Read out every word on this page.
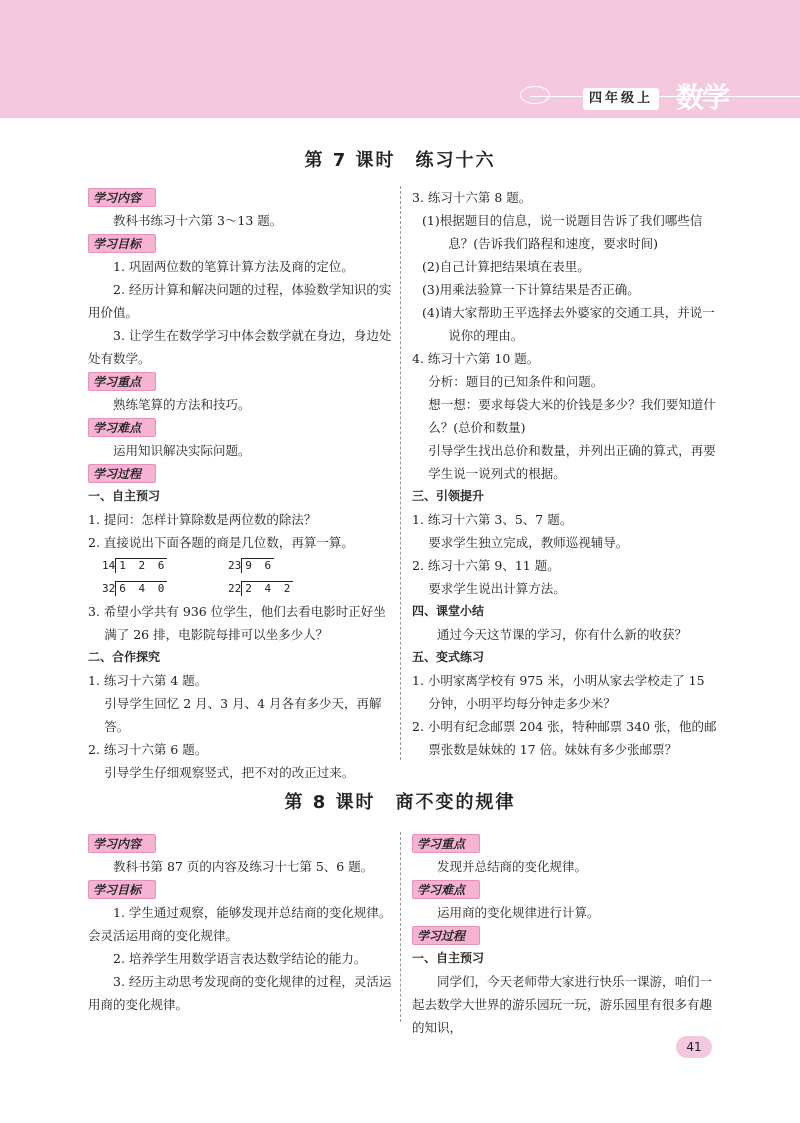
四年级上 数学
第 7 课时　练习十六
学习内容
教科书练习十六第 3～13 题。
学习目标
1. 巩固两位数的笔算计算方法及商的定位。
2. 经历计算和解决问题的过程，体验数学知识的实用价值。
3. 让学生在数学学习中体会数学就在身边，身边处处有数学。
学习重点
熟练笔算的方法和技巧。
学习难点
运用知识解决实际问题。
学习过程
一、自主预习
1. 提问：怎样计算除数是两位数的除法？
2. 直接说出下面各题的商是几位数，再算一算。
14 1 2 6	23 9 6
32 6 4 0	22 2 4 2
3. 希望小学共有 936 位学生，他们去看电影时正好坐满了 26 排，电影院每排可以坐多少人？
二、合作探究
1. 练习十六第 4 题。
引导学生回忆 2 月、3 月、4 月各有多少天，再解答。
2. 练习十六第 6 题。
引导学生仔细观察竖式，把不对的改正过来。
3. 练习十六第 8 题。
(1)根据题目的信息，说一说题目告诉了我们哪些信息？(告诉我们路程和速度，要求时间)
(2)自己计算把结果填在表里。
(3)用乘法验算一下计算结果是否正确。
(4)请大家帮助王平选择去外婆家的交通工具，并说一说你的理由。
4. 练习十六第 10 题。
分析：题目的已知条件和问题。
想一想：要求每袋大米的价钱是多少？我们要知道什么？(总价和数量)
引导学生找出总价和数量，并列出正确的算式，再要学生说一说列式的根据。
三、引领提升
1. 练习十六第 3、5、7 题。
要求学生独立完成，教师巡视辅导。
2. 练习十六第 9、11 题。
要求学生说出计算方法。
四、课堂小结
通过今天这节课的学习，你有什么新的收获？
五、变式练习
1. 小明家离学校有 975 米，小明从家去学校走了 15 分钟，小明平均每分钟走多少米？
2. 小明有纪念邮票 204 张，特种邮票 340 张，他的邮票张数是妹妹的 17 倍。妹妹有多少张邮票？
第 8 课时　商不变的规律
学习内容
教科书第 87 页的内容及练习十七第 5、6 题。
学习目标
1. 学生通过观察，能够发现并总结商的变化规律。会灵活运用商的变化规律。
2. 培养学生用数学语言表达数学结论的能力。
3. 经历主动思考发现商的变化规律的过程，灵活运用商的变化规律。
学习重点
发现并总结商的变化规律。
学习难点
运用商的变化规律进行计算。
学习过程
一、自主预习
同学们，今天老师带大家进行快乐一课游，咱们一起去数学大世界的游乐园玩一玩，游乐园里有很多有趣的知识，
41
